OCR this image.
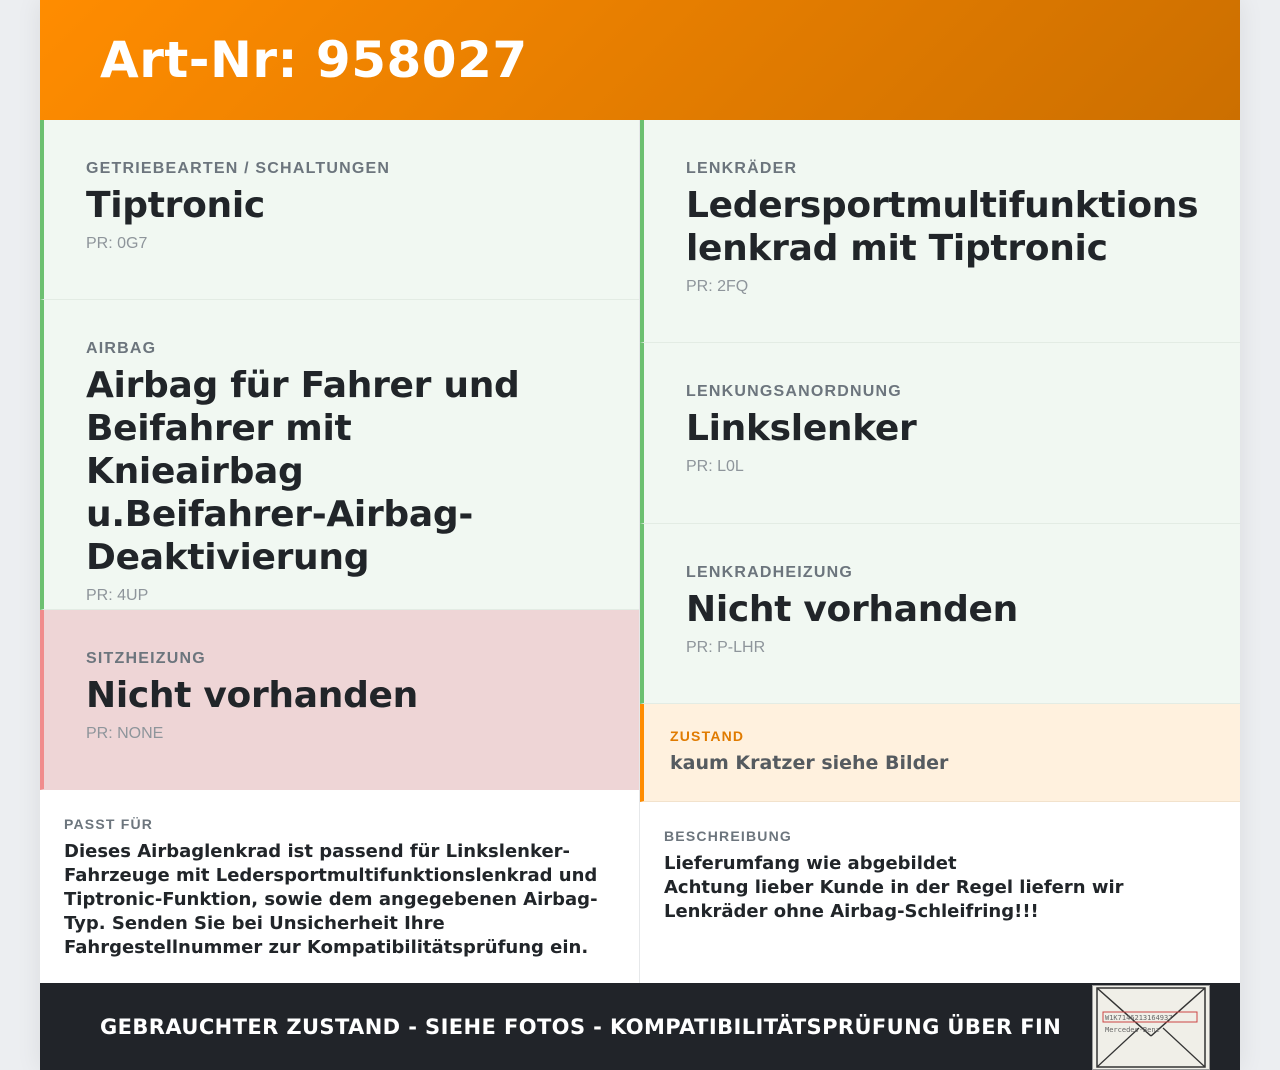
Art-Nr: 958027
GETRIEBEARTEN / SCHALTUNGEN
Tiptronic
PR: 0G7
AIRBAG
Airbag für Fahrer und Beifahrer mit Knieairbag u.Beifahrer-Airbag-Deaktivierung
PR: 4UP
SITZHEIZUNG
Nicht vorhanden
PR: NONE
PASST FÜR
Dieses Airbaglenkrad ist passend für Linkslenker-Fahrzeuge mit Ledersportmultifunktionslenkrad und Tiptronic-Funktion, sowie dem angegebenen Airbag-Typ. Senden Sie bei Unsicherheit Ihre Fahrgestellnummer zur Kompatibilitätsprüfung ein.
LENKRÄDER
Ledersportmultifunktionslenkrad mit Tiptronic
PR: 2FQ
LENKUNGSANORDNUNG
Linkslenker
PR: L0L
LENKRADHEIZUNG
Nicht vorhanden
PR: P-LHR
ZUSTAND
kaum Kratzer siehe Bilder
BESCHREIBUNG
Lieferumfang wie abgebildet
Achtung lieber Kunde in der Regel liefern wir Lenkräder ohne Airbag-Schleifring!!!
GEBRAUCHTER ZUSTAND - SIEHE FOTOS - KOMPATIBILITÄTSPRÜFUNG ÜBER FIN	W1K7146213164937
Mercedes-Benz
